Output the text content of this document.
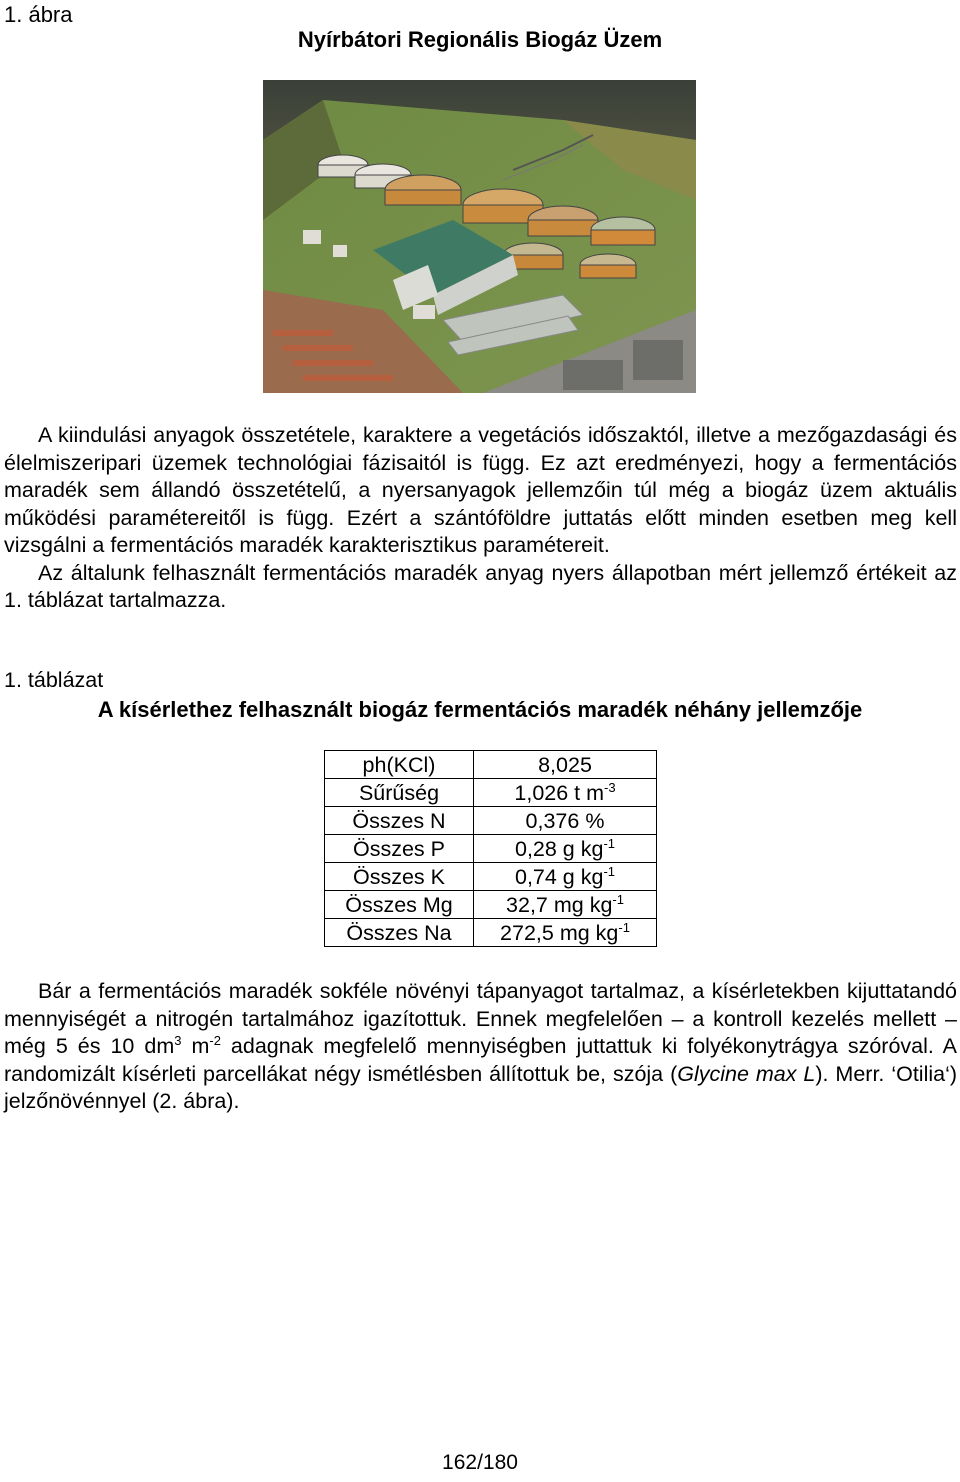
1. ábra
Nyírbátori Regionális Biogáz Üzem

A kiindulási anyagok összetétele, karaktere a vegetációs időszaktól, illetve a mezőgazdasági és élelmiszeripari üzemek technológiai fázisaitól is függ. Ez azt eredményezi, hogy a fermentációs maradék sem állandó összetételű, a nyersanyagok jellemzőin túl még a biogáz üzem aktuális működési paramétereitől is függ. Ezért a szántóföldre juttatás előtt minden esetben meg kell vizsgálni a fermentációs maradék karakterisztikus paramétereit.

Az általunk felhasznált fermentációs maradék anyag nyers állapotban mért jellemző értékeit az 1. táblázat tartalmazza.

1. táblázat
A kísérlethez felhasznált biogáz fermentációs maradék néhány jellemzője
ph(KCl)	8,025
Sűrűség	1,026 t $m^{-3}$
Összes N	0,376 %
Összes P	0,28 g $kg^{-1}$
Összes K	0,74 g $kg^{-1}$
Összes Mg	32,7 mg $kg^{-1}$
Összes Na	272,5 mg $kg^{-1}$

Bár a fermentációs maradék sokféle növényi tápanyagot tartalmaz, a kísérletekben kijuttatandó mennyiségét a nitrogén tartalmához igazítottuk. Ennek megfelelően – a kontroll kezelés mellett – még 5 és 10 $dm^3$ $m^{-2}$ adagnak megfelelő mennyiségben juttattuk ki folyékonytrágya szóróval. A randomizált kísérleti parcellákat négy ismétlésben állítottuk be, szója (Glycine max L). Merr. ‘Otilia‘) jelzőnövénnyel (2. ábra).

162/180
